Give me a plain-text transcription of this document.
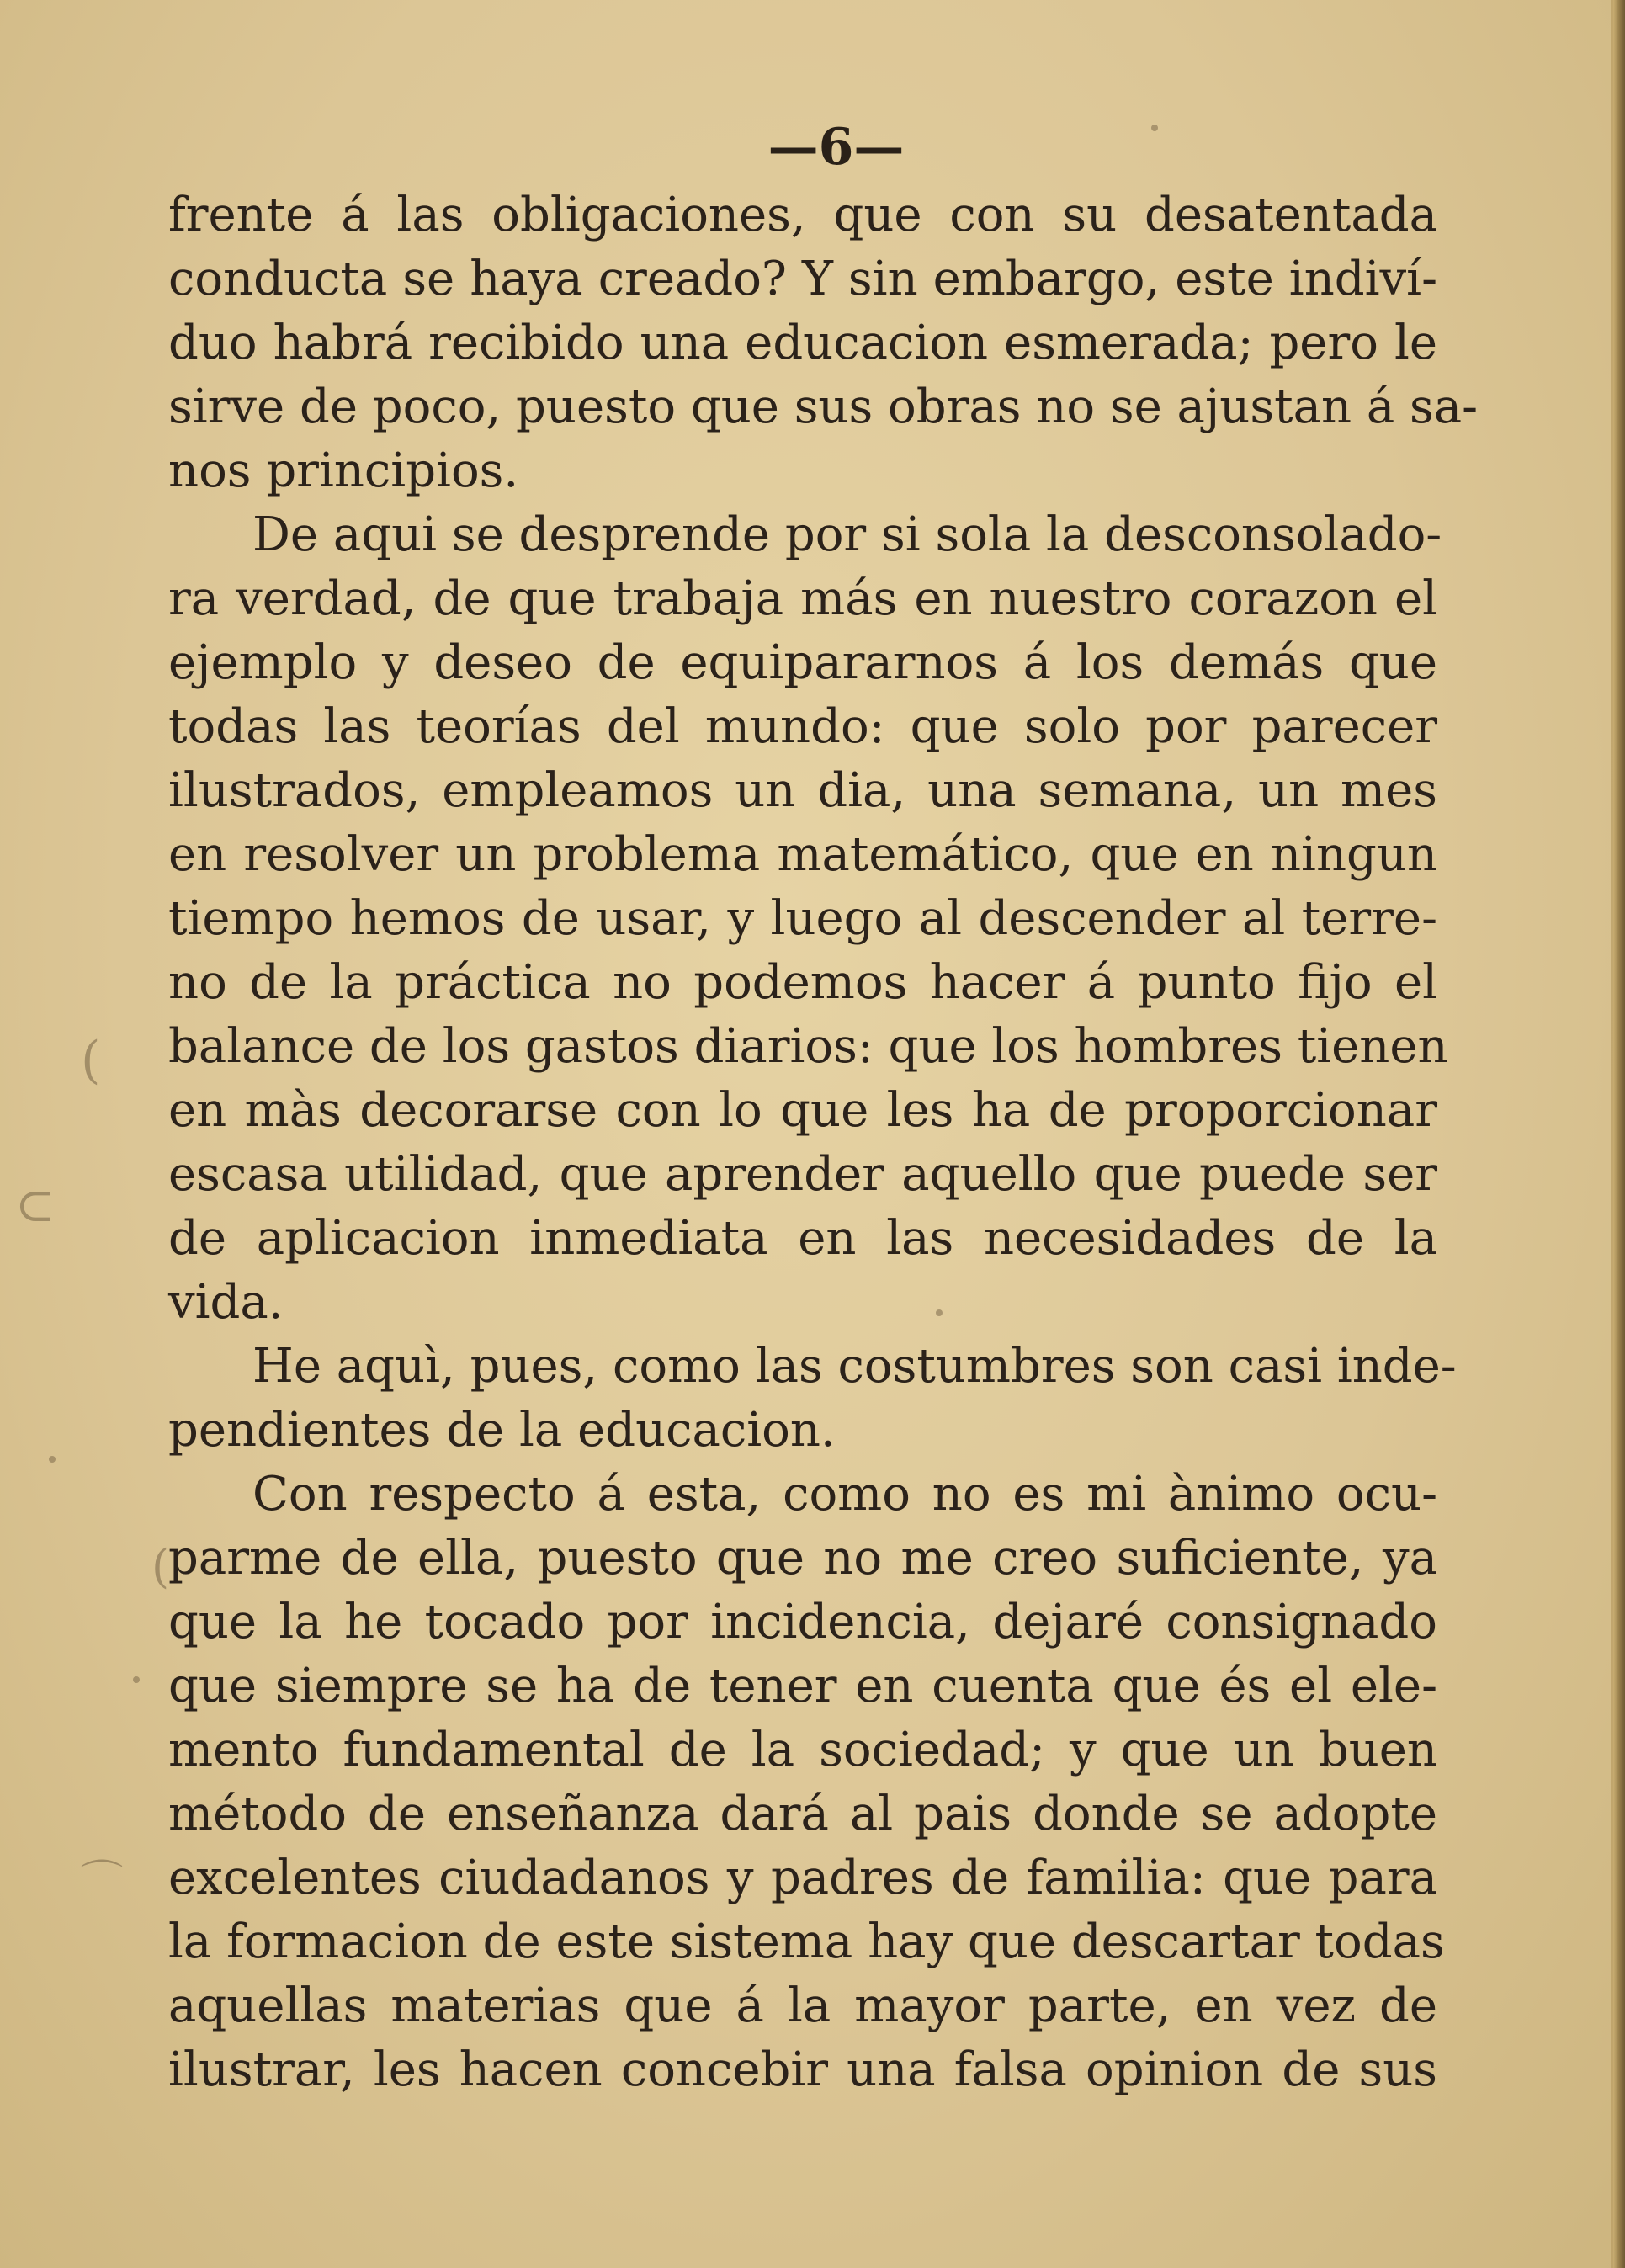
—6—
frente á las obligaciones, que con su desatentada
conducta se haya creado? Y sin embargo, este indiví-
duo habrá recibido una educacion esmerada; pero le
sirve de poco, puesto que sus obras no se ajustan á sa-
nos principios.
De aqui se desprende por si sola la desconsolado-
ra verdad, de que trabaja más en nuestro corazon el
ejemplo y deseo de equipararnos á los demás que
todas las teorías del mundo: que solo por parecer
ilustrados, empleamos un dia, una semana, un mes
en resolver un problema matemático, que en ningun
tiempo hemos de usar, y luego al descender al terre-
no de la práctica no podemos hacer á punto fijo el
balance de los gastos diarios: que los hombres tienen
en màs decorarse con lo que les ha de proporcionar
escasa utilidad, que aprender aquello que puede ser
de aplicacion inmediata en las necesidades de la
vida.
He aquì, pues, como las costumbres son casi inde-
pendientes de la educacion.
Con respecto á esta, como no es mi ànimo ocu-
parme de ella, puesto que no me creo suficiente, ya
que la he tocado por incidencia, dejaré consignado
que siempre se ha de tener en cuenta que és el ele-
mento fundamental de la sociedad; y que un buen
método de enseñanza dará al pais donde se adopte
excelentes ciudadanos y padres de familia: que para
la formacion de este sistema hay que descartar todas
aquellas materias que á la mayor parte, en vez de
ilustrar, les hacen concebir una falsa opinion de sus
(
⊂
(
⌒
